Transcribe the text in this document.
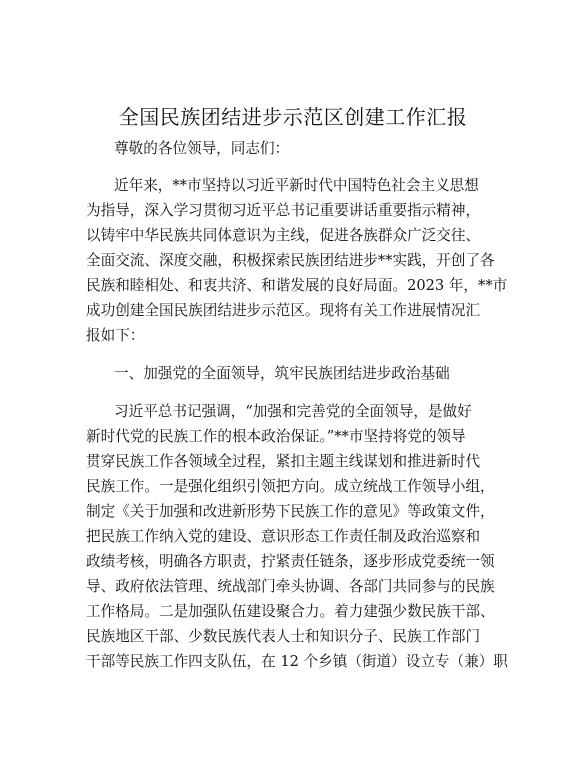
全国民族团结进步示范区创建工作汇报

尊敬的各位领导，同志们：

近年来，**市坚持以习近平新时代中国特色社会主义思想

为指导，深入学习贯彻习近平总书记重要讲话重要指示精神，

以铸牢中华民族共同体意识为主线，促进各族群众广泛交往、

全面交流、深度交融，积极探索民族团结进步**实践，开创了各

民族和睦相处、和衷共济、和谐发展的良好局面。2023 年，**市

成功创建全国民族团结进步示范区。现将有关工作进展情况汇

报如下：

一、加强党的全面领导，筑牢民族团结进步政治基础

习近平总书记强调，“加强和完善党的全面领导，是做好

新时代党的民族工作的根本政治保证。”**市坚持将党的领导

贯穿民族工作各领域全过程，紧扣主题主线谋划和推进新时代

民族工作。一是强化组织引领把方向。成立统战工作领导小组，

制定《关于加强和改进新形势下民族工作的意见》等政策文件，

把民族工作纳入党的建设、意识形态工作责任制及政治巡察和

政绩考核，明确各方职责，拧紧责任链条，逐步形成党委统一领

导、政府依法管理、统战部门牵头协调、各部门共同参与的民族

工作格局。二是加强队伍建设聚合力。着力建强少数民族干部、

民族地区干部、少数民族代表人士和知识分子、民族工作部门

干部等民族工作四支队伍，在 12 个乡镇（街道）设立专（兼）职
